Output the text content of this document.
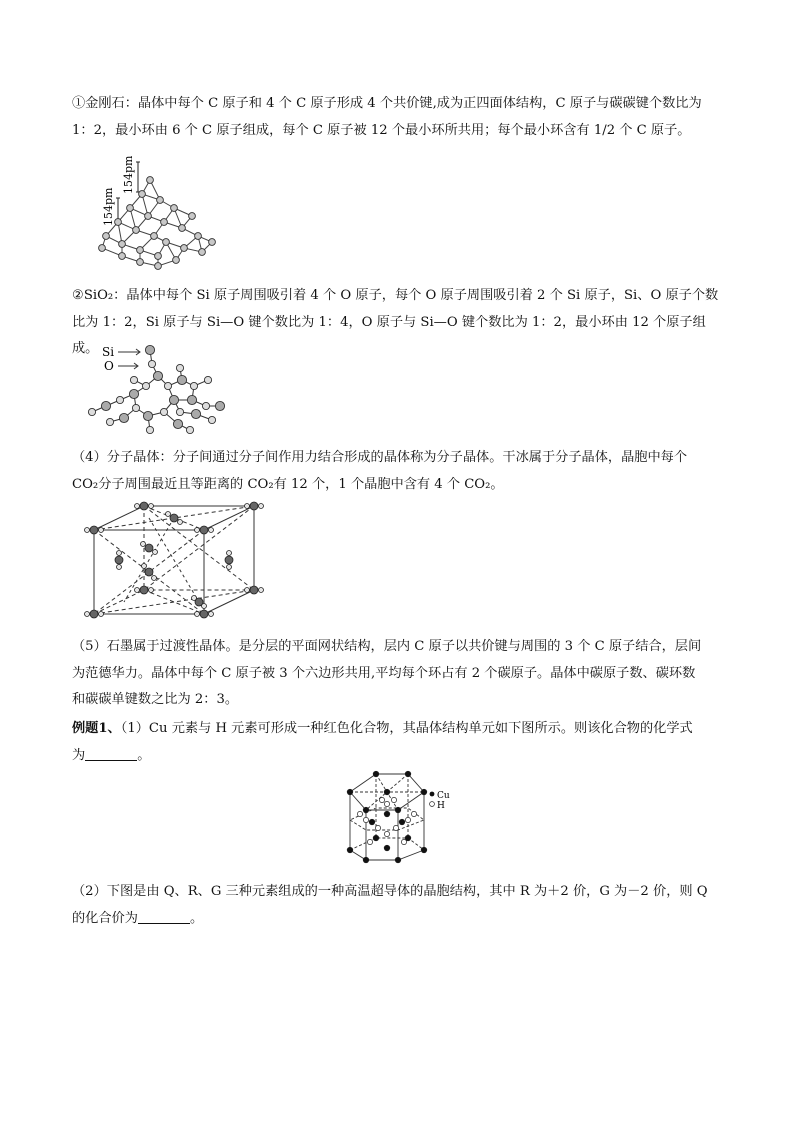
①金刚石：晶体中每个 C 原子和 4 个 C 原子形成 4 个共价键,成为正四面体结构，C 原子与碳碳键个数比为
1：2，最小环由 6 个 C 原子组成，每个 C 原子被 12 个最小环所共用；每个最小环含有 1/2 个 C 原子。

154pm
154pm

②SiO₂：晶体中每个 Si 原子周围吸引着 4 个 O 原子，每个 O 原子周围吸引着 2 个 Si 原子，Si、O 原子个数
比为 1：2，Si 原子与 Si—O 键个数比为 1：4，O 原子与 Si—O 键个数比为 1：2，最小环由 12 个原子组成。 Si
O

（4）分子晶体：分子间通过分子间作用力结合形成的晶体称为分子晶体。干冰属于分子晶体，晶胞中每个
CO₂分子周围最近且等距离的 CO₂有 12 个，1 个晶胞中含有 4 个 CO₂。

（5）石墨属于过渡性晶体。是分层的平面网状结构，层内 C 原子以共价键与周围的 3 个 C 原子结合，层间
为范德华力。晶体中每个 C 原子被 3 个六边形共用,平均每个环占有 2 个碳原子。晶体中碳原子数、碳环数
和碳碳单键数之比为 2：3。

例题1、（1）Cu 元素与 H 元素可形成一种红色化合物，其晶体结构单元如下图所示。则该化合物的化学式
为	。

Cu
H

（2）下图是由 Q、R、G 三种元素组成的一种高温超导体的晶胞结构，其中 R 为＋2 价，G 为－2 价，则 Q
的化合价为	。
